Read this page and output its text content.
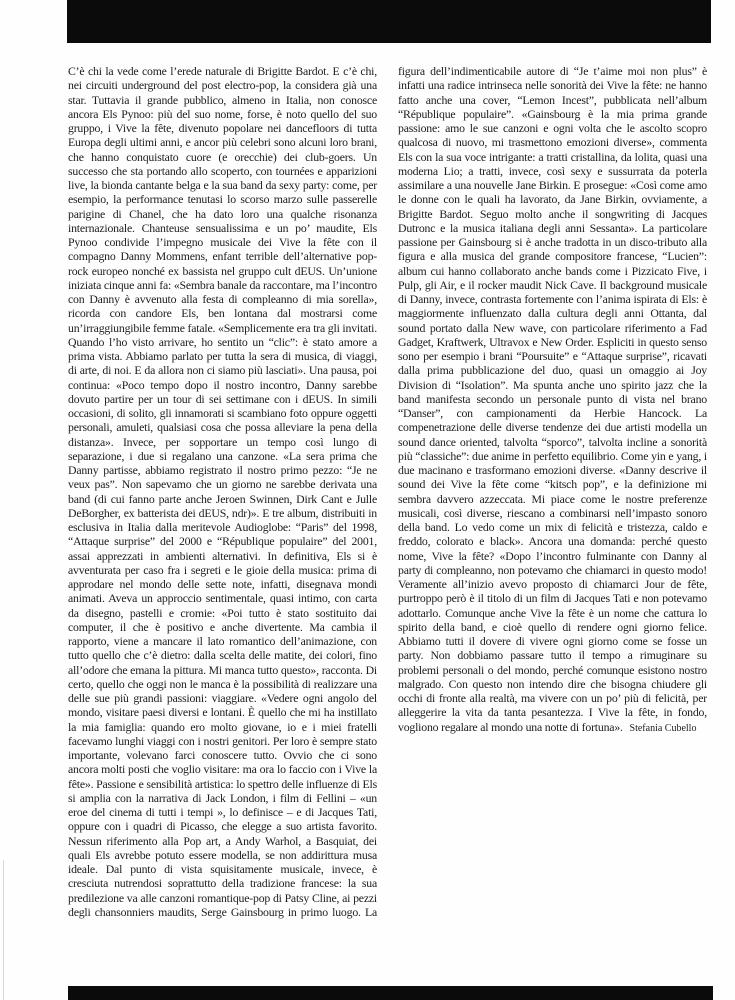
C’è chi la vede come l’erede naturale di Brigitte Bardot. E c’è chi, nei circuiti underground del post electro-pop, la considera già una star. Tuttavia il grande pubblico, almeno in Italia, non conosce ancora Els Pynoo: più del suo nome, forse, è noto quello del suo gruppo, i Vive la fête, divenuto popolare nei dancefloors di tutta Europa degli ultimi anni, e ancor più celebri sono alcuni loro brani, che hanno conquistato cuore (e orecchie) dei club-goers. Un successo che sta portando allo scoperto, con tournées e apparizioni live, la bionda cantante belga e la sua band da sexy party: come, per esempio, la performance tenutasi lo scorso marzo sulle passerelle parigine di Chanel, che ha dato loro una qualche risonanza internazionale. Chanteuse sensualissima e un po’ maudite, Els Pynoo condivide l’impegno musicale dei Vive la fête con il compagno Danny Mommens, enfant terrible dell’alternative pop-rock europeo nonché ex bassista nel gruppo cult dEUS. Un’unione iniziata cinque anni fa: «Sembra banale da raccontare, ma l’incontro con Danny è avvenuto alla festa di compleanno di mia sorella», ricorda con candore Els, ben lontana dal mostrarsi come un’irraggiungibile femme fatale. «Semplicemente era tra gli invitati. Quando l’ho visto arrivare, ho sentito un “clic”: è stato amore a prima vista. Abbiamo parlato per tutta la sera di musica, di viaggi, di arte, di noi. E da allora non ci siamo più lasciati». Una pausa, poi continua: «Poco tempo dopo il nostro incontro, Danny sarebbe dovuto partire per un tour di sei settimane con i dEUS. In simili occasioni, di solito, gli innamorati si scambiano foto oppure oggetti personali, amuleti, qualsiasi cosa che possa alleviare la pena della distanza». Invece, per sopportare un tempo così lungo di separazione, i due si regalano una canzone. «La sera prima che Danny partisse, abbiamo registrato il nostro primo pezzo: “Je ne veux pas”. Non sapevamo che un giorno ne sarebbe derivata una band (di cui fanno parte anche Jeroen Swinnen, Dirk Cant e Julle DeBorgher, ex batterista dei dEUS, ndr)». E tre album, distribuiti in esclusiva in Italia dalla meritevole Audioglobe: “Paris” del 1998, “Attaque surprise” del 2000 e “République populaire” del 2001, assai apprezzati in ambienti alternativi. In definitiva, Els si è avventurata per caso fra i segreti e le gioie della musica: prima di approdare nel mondo delle sette note, infatti, disegnava mondi animati. Aveva un approccio sentimentale, quasi intimo, con carta da disegno, pastelli e cromie: «Poi tutto è stato sostituito dai computer, il che è positivo e anche divertente. Ma cambia il rapporto, viene a mancare il lato romantico dell’animazione, con tutto quello che c’è dietro: dalla scelta delle matite, dei colori, fino all’odore che emana la pittura. Mi manca tutto questo», racconta. Di certo, quello che oggi non le manca è la possibilità di realizzare una delle sue più grandi passioni: viaggiare. «Vedere ogni angolo del mondo, visitare paesi diversi e lontani. È quello che mi ha instillato la mia famiglia: quando ero molto giovane, io e i miei fratelli facevamo lunghi viaggi con i nostri genitori. Per loro è sempre stato importante, volevano farci conoscere tutto. Ovvio che ci sono ancora molti posti che voglio visitare: ma ora lo faccio con i Vive la fête». Passione e sensibilità artistica: lo spettro delle influenze di Els si amplia con la narrativa di Jack London, i film di Fellini – «un eroe del cinema di tutti i tempi », lo definisce – e di Jacques Tati, oppure con i quadri di Picasso, che elegge a suo artista favorito. Nessun riferimento alla Pop art, a Andy Warhol, a Basquiat, dei quali Els avrebbe potuto essere modella, se non addirittura musa ideale. Dal punto di vista squisitamente musicale, invece, è cresciuta nutrendosi soprattutto della tradizione francese: la sua predilezione va alle canzoni romantique-pop di Patsy Cline, ai pezzi degli chansonniers maudits, Serge Gainsbourg in primo luogo. La figura dell’indimenticabile autore di “Je t’aime moi non plus” è infatti una radice intrinseca nelle sonorità dei Vive la fête: ne hanno fatto anche una cover, “Lemon Incest”, pubblicata nell’album “République populaire”. «Gainsbourg è la mia prima grande passione: amo le sue canzoni e ogni volta che le ascolto scopro qualcosa di nuovo, mi trasmettono emozioni diverse», commenta Els con la sua voce intrigante: a tratti cristallina, da lolita, quasi una moderna Lio; a tratti, invece, così sexy e sussurrata da poterla assimilare a una nouvelle Jane Birkin. E prosegue: «Così come amo le donne con le quali ha lavorato, da Jane Birkin, ovviamente, a Brigitte Bardot. Seguo molto anche il songwriting di Jacques Dutronc e la musica italiana degli anni Sessanta». La particolare passione per Gainsbourg si è anche tradotta in un disco-tributo alla figura e alla musica del grande compositore francese, “Lucien”: album cui hanno collaborato anche bands come i Pizzicato Five, i Pulp, gli Air, e il rocker maudit Nick Cave. Il background musicale di Danny, invece, contrasta fortemente con l’anima ispirata di Els: è maggiormente influenzato dalla cultura degli anni Ottanta, dal sound portato dalla New wave, con particolare riferimento a Fad Gadget, Kraftwerk, Ultravox e New Order. Espliciti in questo senso sono per esempio i brani “Poursuite” e “Attaque surprise”, ricavati dalla prima pubblicazione del duo, quasi un omaggio ai Joy Division di “Isolation”. Ma spunta anche uno spirito jazz che la band manifesta secondo un personale punto di vista nel brano “Danser”, con campionamenti da Herbie Hancock. La compenetrazione delle diverse tendenze dei due artisti modella un sound dance oriented, talvolta “sporco”, talvolta incline a sonorità più “classiche”: due anime in perfetto equilibrio. Come yin e yang, i due macinano e trasformano emozioni diverse. «Danny descrive il sound dei Vive la fête come “kitsch pop”, e la definizione mi sembra davvero azzeccata. Mi piace come le nostre preferenze musicali, così diverse, riescano a combinarsi nell’impasto sonoro della band. Lo vedo come un mix di felicità e tristezza, caldo e freddo, colorato e black». Ancora una domanda: perché questo nome, Vive la fête? «Dopo l’incontro fulminante con Danny al party di compleanno, non potevamo che chiamarci in questo modo! Veramente all’inizio avevo proposto di chiamarci Jour de fête, purtroppo però è il titolo di un film di Jacques Tati e non potevamo adottarlo. Comunque anche Vive la fête è un nome che cattura lo spirito della band, e cioè quello di rendere ogni giorno felice. Abbiamo tutti il dovere di vivere ogni giorno come se fosse un party. Non dobbiamo passare tutto il tempo a rimuginare su problemi personali o del mondo, perché comunque esistono nostro malgrado. Con questo non intendo dire che bisogna chiudere gli occhi di fronte alla realtà, ma vivere con un po’ più di felicità, per alleggerire la vita da tanta pesantezza. I Vive la fête, in fondo, vogliono regalare al mondo una notte di fortuna». Stefania Cubello
